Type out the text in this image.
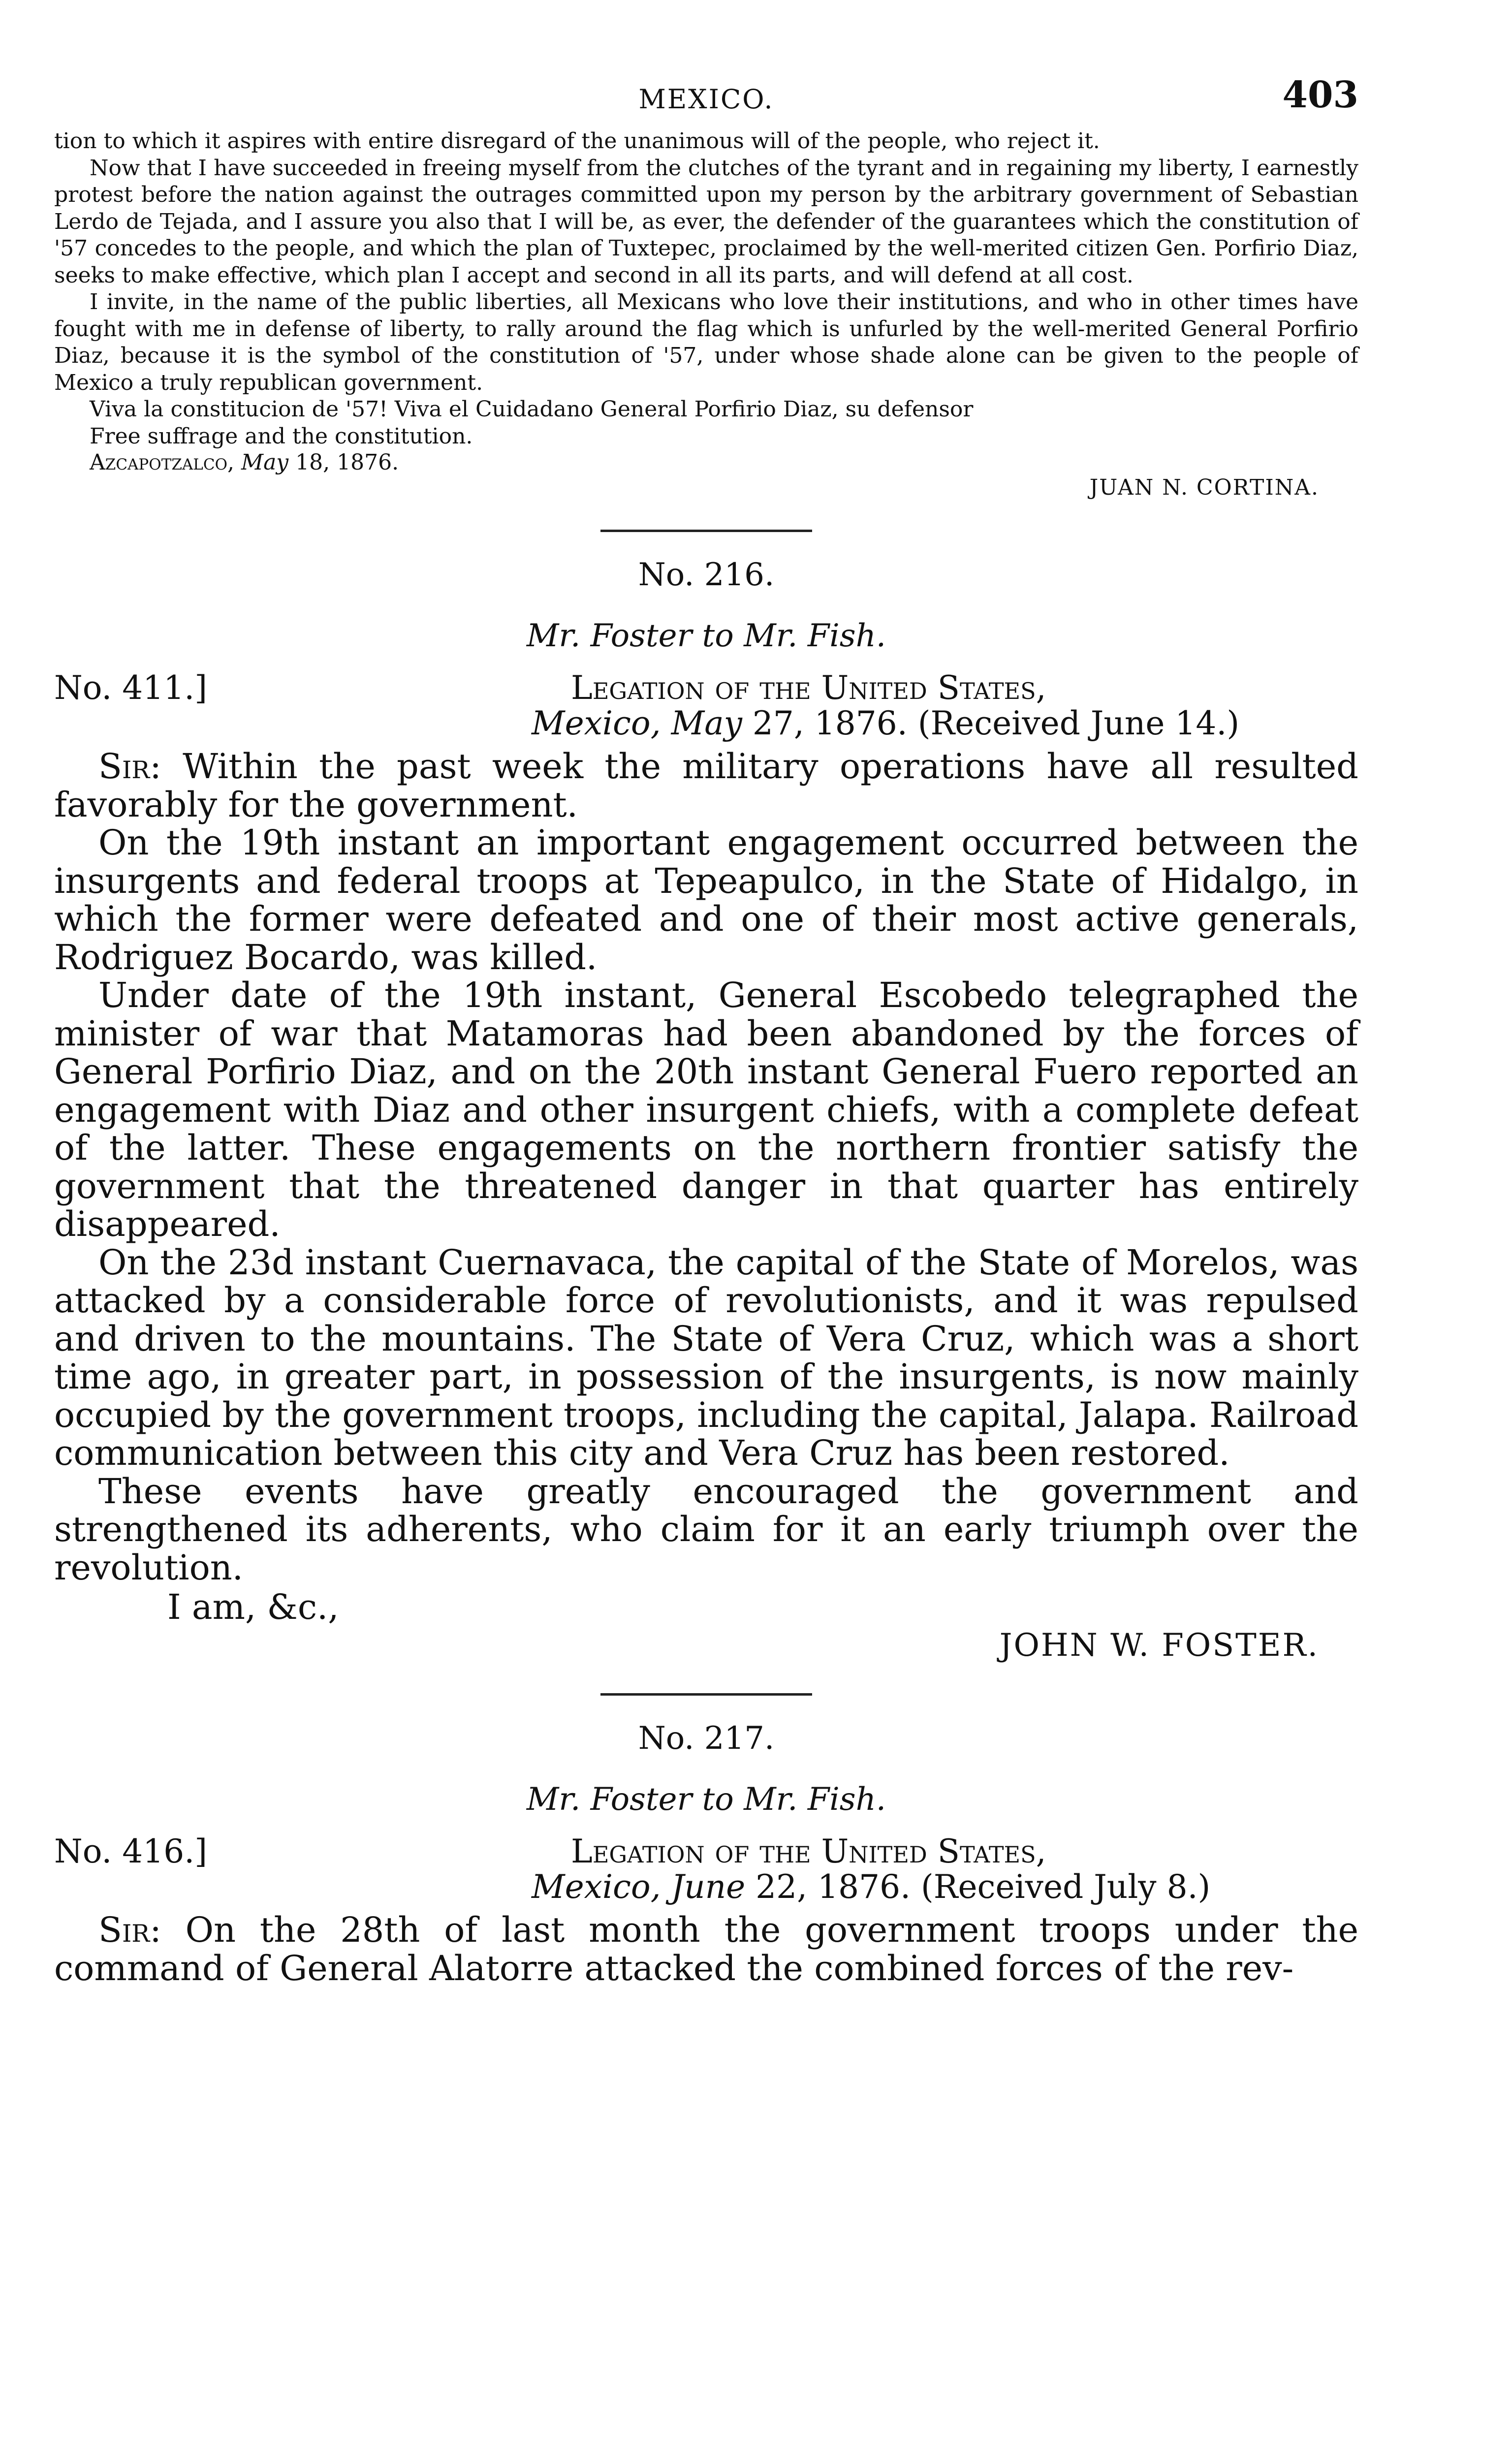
MEXICO.	403

tion to which it aspires with entire disregard of the unanimous will of the people, who reject it.

Now that I have succeeded in freeing myself from the clutches of the tyrant and in regaining my liberty, I earnestly protest before the nation against the outrages committed upon my person by the arbitrary government of Sebastian Lerdo de Tejada, and I assure you also that I will be, as ever, the defender of the guarantees which the constitution of '57 concedes to the people, and which the plan of Tuxtepec, proclaimed by the well-merited citizen Gen. Porfirio Diaz, seeks to make effective, which plan I accept and second in all its parts, and will defend at all cost.

I invite, in the name of the public liberties, all Mexicans who love their institutions, and who in other times have fought with me in defense of liberty, to rally around the flag which is unfurled by the well-merited General Porfirio Diaz, because it is the symbol of the constitution of '57, under whose shade alone can be given to the people of Mexico a truly republican government.

Viva la constitucion de '57! Viva el Cuidadano General Porfirio Diaz, su defensor

Free suffrage and the constitution.

Azcapotzalco, May 18, 1876.

JUAN N. CORTINA.

No. 216.

Mr. Foster to Mr. Fish.

No. 411.]	Legation of the United States,
Mexico, May 27, 1876. (Received June 14.)

Sir: Within the past week the military operations have all resulted favorably for the government.

On the 19th instant an important engagement occurred between the insurgents and federal troops at Tepeapulco, in the State of Hidalgo, in which the former were defeated and one of their most active generals, Rodriguez Bocardo, was killed.

Under date of the 19th instant, General Escobedo telegraphed the minister of war that Matamoras had been abandoned by the forces of General Porfirio Diaz, and on the 20th instant General Fuero reported an engagement with Diaz and other insurgent chiefs, with a complete defeat of the latter. These engagements on the northern frontier satisfy the government that the threatened danger in that quarter has entirely disappeared.

On the 23d instant Cuernavaca, the capital of the State of Morelos, was attacked by a considerable force of revolutionists, and it was repulsed and driven to the mountains. The State of Vera Cruz, which was a short time ago, in greater part, in possession of the insurgents, is now mainly occupied by the government troops, including the capital, Jalapa. Railroad communication between this city and Vera Cruz has been restored.

These events have greatly encouraged the government and strengthened its adherents, who claim for it an early triumph over the revolution.

I am, &c.,

JOHN W. FOSTER.

No. 217.

Mr. Foster to Mr. Fish.

No. 416.]	Legation of the United States,
Mexico, June 22, 1876. (Received July 8.)

Sir: On the 28th of last month the government troops under the command of General Alatorre attacked the combined forces of the rev-
